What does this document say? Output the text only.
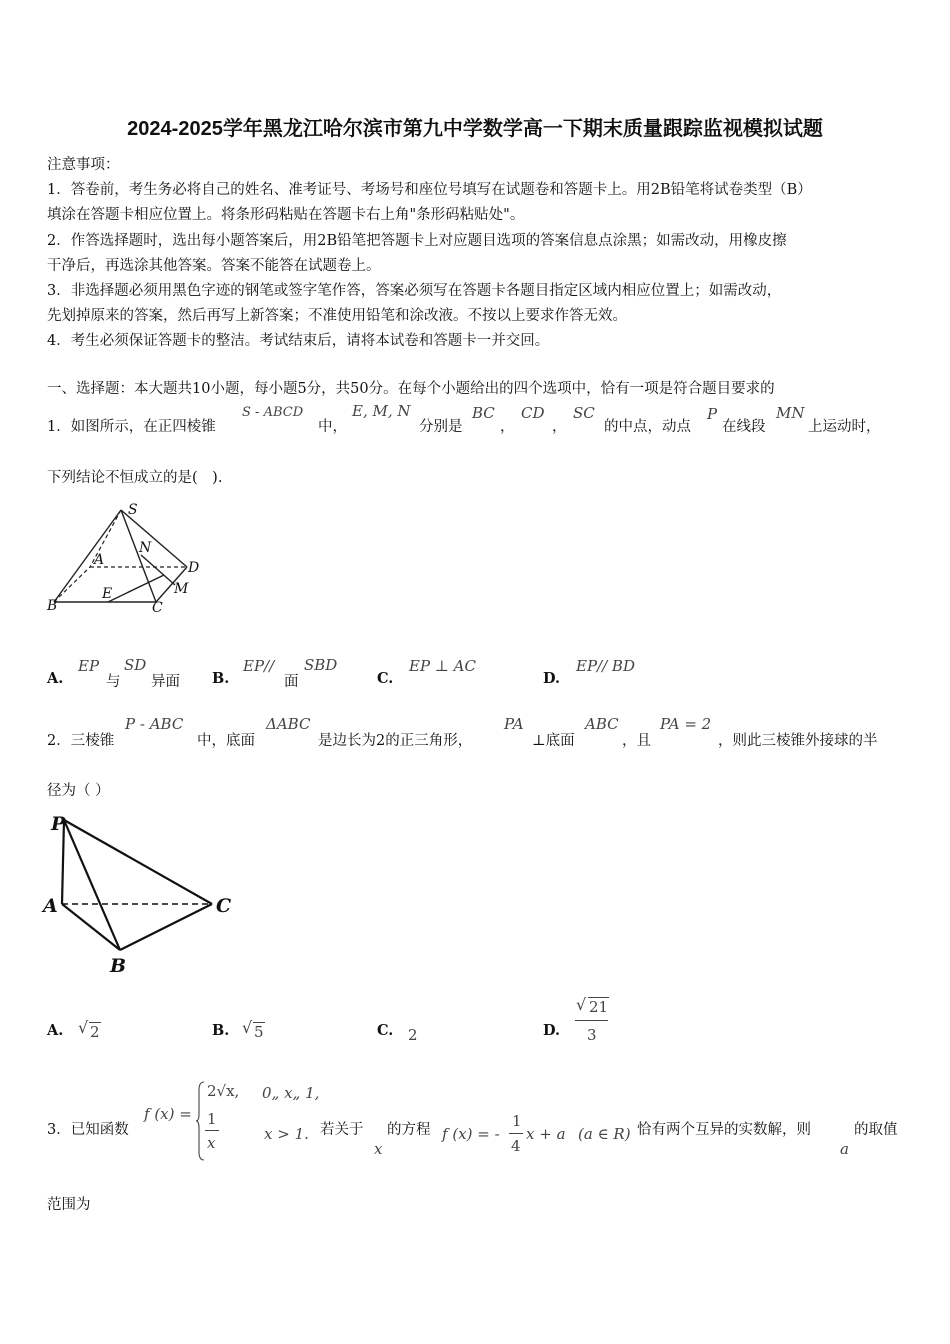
2024-2025学年黑龙江哈尔滨市第九中学数学高一下期末质量跟踪监视模拟试题
注意事项：
1．答卷前，考生务必将自己的姓名、准考证号、考场号和座位号填写在试题卷和答题卡上。用2B铅笔将试卷类型（B）
填涂在答题卡相应位置上。将条形码粘贴在答题卡右上角"条形码粘贴处"。
2．作答选择题时，选出每小题答案后，用2B铅笔把答题卡上对应题目选项的答案信息点涂黑；如需改动，用橡皮擦
干净后，再选涂其他答案。答案不能答在试题卷上。
3．非选择题必须用黑色字迹的钢笔或签字笔作答，答案必须写在答题卡各题目指定区域内相应位置上；如需改动，
先划掉原来的答案，然后再写上新答案；不准使用铅笔和涂改液。不按以上要求作答无效。
4．考生必须保证答题卡的整洁。考试结束后，请将本试卷和答题卡一并交回。
一、选择题：本大题共10小题，每小题5分，共50分。在每个小题给出的四个选项中，恰有一项是符合题目要求的
1．如图所示，在正四棱锥
S - ABCD
中，
E, M, N
分别是
BC
，
CD
，
SC
的中点，动点
P
在线段
MN
上运动时，
下列结论不恒成立的是(　).
S
N
A	D
E	M
B	C
A.
EP
与
SD
异面 B.
EP//
面
SBD
C.
EP ⊥ AC
D.
EP// BD
2．三棱锥
P - ABC
中，底面
ΔABC
是边长为2的正三角形，
PA
⊥底面
ABC
，且
PA = 2
，则此三棱锥外接球的半
径为（ ）
P
A	C
B
A. √ 2	B. √ 5	C. 2	D.
√ 21
3
3．已知函数
f (x) =
2√x, 0„ x„ 1,
1
x	x > 1. 若关于
x
的方程 f (x) = -
1
4
x + a (a ∈ R) 恰有两个互异的实数解，则
a
的取值
范围为
